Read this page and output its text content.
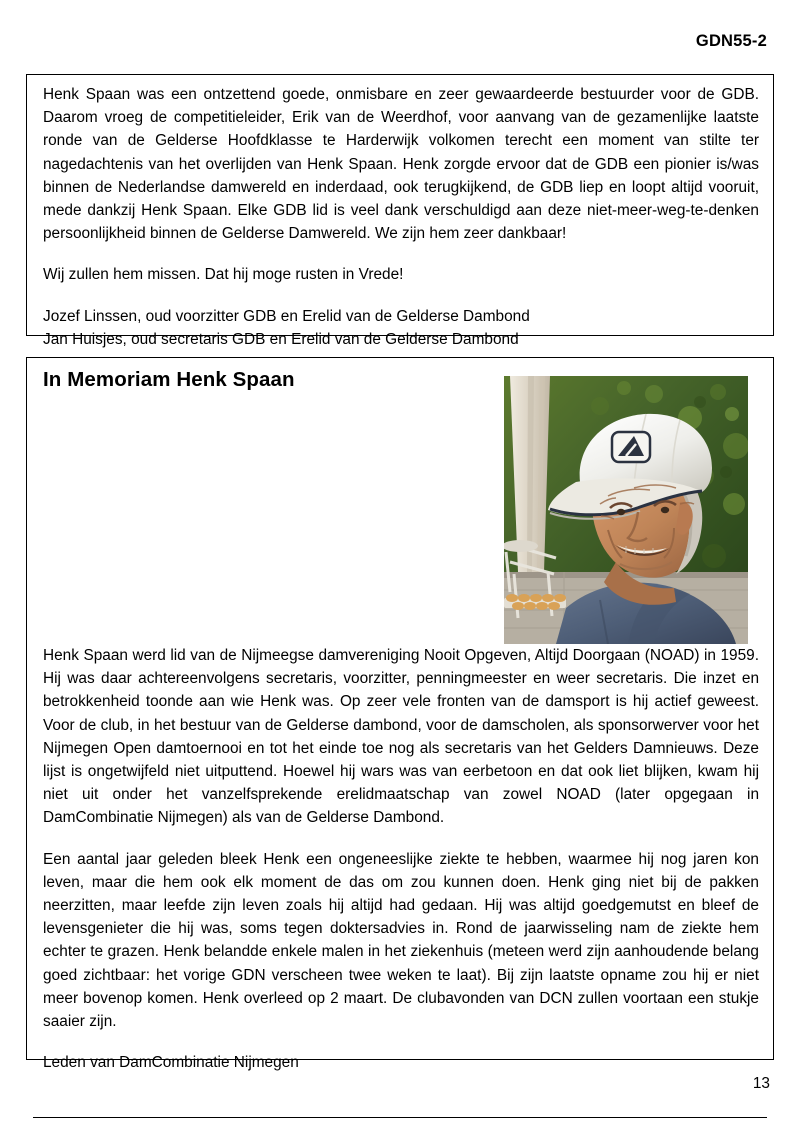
GDN55-2

Henk Spaan was een ontzettend goede, onmisbare en zeer gewaardeerde bestuurder voor de GDB. Daarom vroeg de competitieleider, Erik van de Weerdhof, voor aanvang van de gezamenlijke laatste ronde van de Gelderse Hoofdklasse te Harderwijk volkomen terecht een moment van stilte ter nagedachtenis van het overlijden van Henk Spaan. Henk zorgde ervoor dat de GDB een pionier is/was binnen de Nederlandse damwereld en inderdaad, ook terugkijkend, de GDB liep en loopt altijd vooruit, mede dankzij Henk Spaan. Elke GDB lid is veel dank verschuldigd aan deze niet-meer-weg-te-denken persoonlijkheid binnen de Gelderse Damwereld. We zijn hem zeer dankbaar!

Wij zullen hem missen. Dat hij moge rusten in Vrede!

Jozef Linssen, oud voorzitter GDB en Erelid van de Gelderse Dambond

Jan Huisjes, oud secretaris GDB en Erelid van de Gelderse Dambond

In Memoriam Henk Spaan

Henk Spaan werd lid van de Nijmeegse damvereniging Nooit Opgeven, Altijd Doorgaan (NOAD) in 1959. Hij was daar achtereenvolgens secretaris, voorzitter, penningmeester en weer secretaris. Die inzet en betrokkenheid toonde aan wie Henk was. Op zeer vele fronten van de damsport is hij actief geweest. Voor de club, in het bestuur van de Gelderse dambond, voor de damscholen, als sponsorwerver voor het Nijmegen Open damtoernooi en tot het einde toe nog als secretaris van het Gelders Damnieuws. Deze lijst is ongetwijfeld niet uitputtend. Hoewel hij wars was van eerbetoon en dat ook liet blijken, kwam hij niet uit onder het vanzelfsprekende erelidmaatschap van zowel NOAD (later opgegaan in DamCombinatie Nijmegen) als van de Gelderse Dambond.

Een aantal jaar geleden bleek Henk een ongeneeslijke ziekte te hebben, waarmee hij nog jaren kon leven, maar die hem ook elk moment de das om zou kunnen doen. Henk ging niet bij de pakken neerzitten, maar leefde zijn leven zoals hij altijd had gedaan. Hij was altijd goedgemutst en bleef de levensgenieter die hij was, soms tegen doktersadvies in. Rond de jaarwisseling nam de ziekte hem echter te grazen. Henk belandde enkele malen in het ziekenhuis (meteen werd zijn aanhoudende belang goed zichtbaar: het vorige GDN verscheen twee weken te laat). Bij zijn laatste opname zou hij er niet meer bovenop komen. Henk overleed op 2 maart. De clubavonden van DCN zullen voortaan een stukje saaier zijn.

Leden van DamCombinatie Nijmegen

13
